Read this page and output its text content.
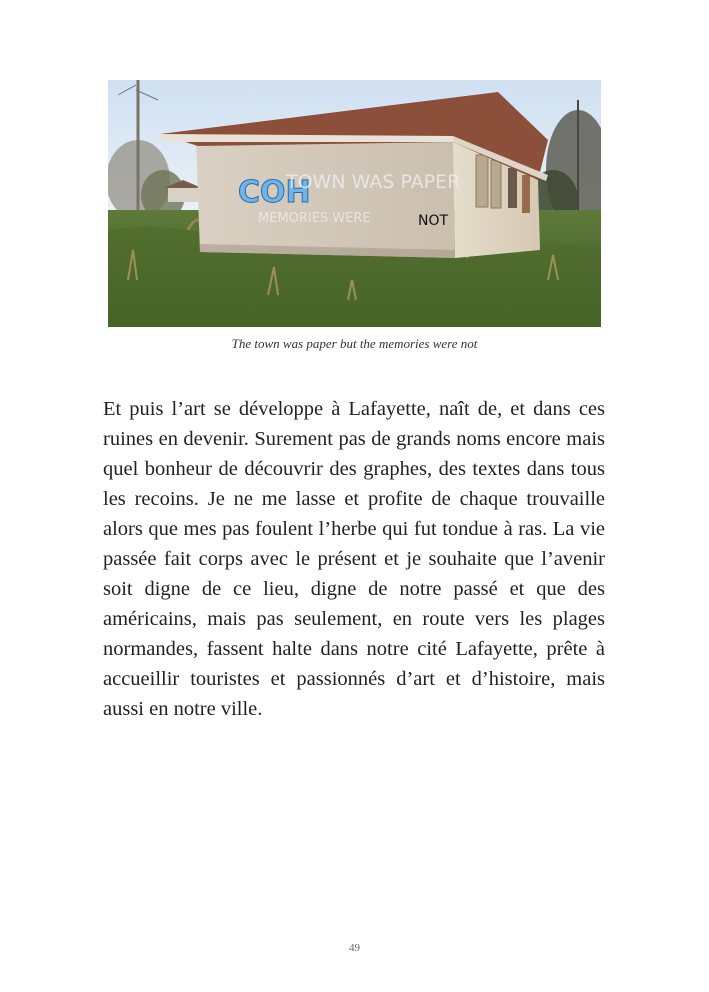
COH
TOWN WAS PAPER
MEMORIES WERE	NOT
The town was paper but the memories were not

Et puis l’art se développe à Lafayette, naît de, et dans ces ruines en devenir. Surement pas de grands noms encore mais quel bonheur de découvrir des graphes, des textes dans tous les recoins. Je ne me lasse et profite de chaque trouvaille alors que mes pas foulent l’herbe qui fut tondue à ras. La vie passée fait corps avec le présent et je souhaite que l’avenir soit digne de ce lieu, digne de notre passé et que des américains, mais pas seulement, en route vers les plages normandes, fassent halte dans notre cité Lafayette, prête à accueillir touristes et passionnés d’art et d’histoire, mais aussi en notre ville.

49
